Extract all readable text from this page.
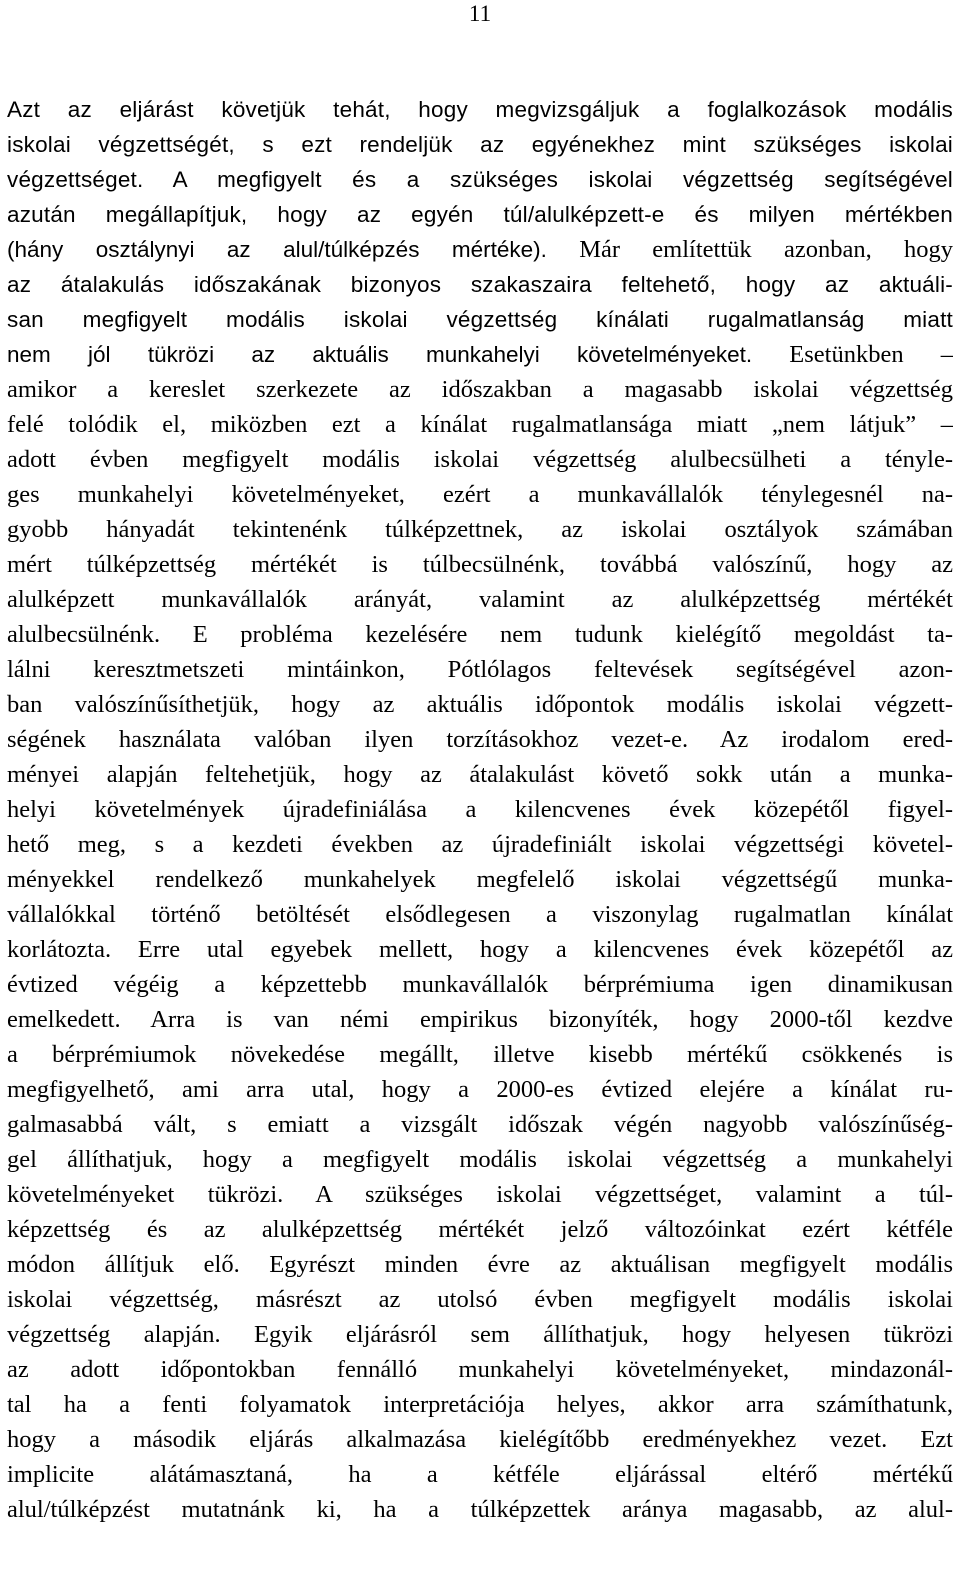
11
Azt az eljárást követjük tehát, hogy megvizsgáljuk a foglalkozások modális
iskolai végzettségét, s ezt rendeljük az egyénekhez mint szükséges iskolai
végzettséget. A megfigyelt és a szükséges iskolai végzettség segítségével
azután megállapítjuk, hogy az egyén túl/alulképzett-e és milyen mértékben
(hány osztálynyi az alul/túlképzés mértéke). Már említettük azonban, hogy
az átalakulás időszakának bizonyos szakaszaira feltehető, hogy az aktuáli-
san megfigyelt modális iskolai végzettség kínálati rugalmatlanság miatt
nem jól tükrözi az aktuális munkahelyi követelményeket. Esetünkben –
amikor a kereslet szerkezete az időszakban a magasabb iskolai végzettség
felé tolódik el, miközben ezt a kínálat rugalmatlansága miatt „nem látjuk” –
adott évben megfigyelt modális iskolai végzettség alulbecsülheti a tényle-
ges munkahelyi követelményeket, ezért a munkavállalók ténylegesnél na-
gyobb hányadát tekintenénk túlképzettnek, az iskolai osztályok számában
mért túlképzettség mértékét is túlbecsülnénk, továbbá valószínű, hogy az
alulképzett munkavállalók arányát, valamint az alulképzettség mértékét
alulbecsülnénk. E probléma kezelésére nem tudunk kielégítő megoldást ta-
lálni keresztmetszeti mintáinkon, Pótlólagos feltevések segítségével azon-
ban valószínűsíthetjük, hogy az aktuális időpontok modális iskolai végzett-
ségének használata valóban ilyen torzításokhoz vezet-e. Az irodalom ered-
ményei alapján feltehetjük, hogy az átalakulást követő sokk után a munka-
helyi követelmények újradefiniálása a kilencvenes évek közepétől figyel-
hető meg, s a kezdeti években az újradefiniált iskolai végzettségi követel-
ményekkel rendelkező munkahelyek megfelelő iskolai végzettségű munka-
vállalókkal történő betöltését elsődlegesen a viszonylag rugalmatlan kínálat
korlátozta. Erre utal egyebek mellett, hogy a kilencvenes évek közepétől az
évtized végéig a képzettebb munkavállalók bérprémiuma igen dinamikusan
emelkedett. Arra is van némi empirikus bizonyíték, hogy 2000-től kezdve
a bérprémiumok növekedése megállt, illetve kisebb mértékű csökkenés is
megfigyelhető, ami arra utal, hogy a 2000-es évtized elejére a kínálat ru-
galmasabbá vált, s emiatt a vizsgált időszak végén nagyobb valószínűség-
gel állíthatjuk, hogy a megfigyelt modális iskolai végzettség a munkahelyi
követelményeket tükrözi. A szükséges iskolai végzettséget, valamint a túl-
képzettség és az alulképzettség mértékét jelző változóinkat ezért kétféle
módon állítjuk elő. Egyrészt minden évre az aktuálisan megfigyelt modális
iskolai végzettség, másrészt az utolsó évben megfigyelt modális iskolai
végzettség alapján. Egyik eljárásról sem állíthatjuk, hogy helyesen tükrözi
az adott időpontokban fennálló munkahelyi követelményeket, mindazonál-
tal ha a fenti folyamatok interpretációja helyes, akkor arra számíthatunk,
hogy a második eljárás alkalmazása kielégítőbb eredményekhez vezet. Ezt
implicite alátámasztaná, ha a kétféle eljárással eltérő mértékű
alul/túlképzést mutatnánk ki, ha a túlképzettek aránya magasabb, az alul-
